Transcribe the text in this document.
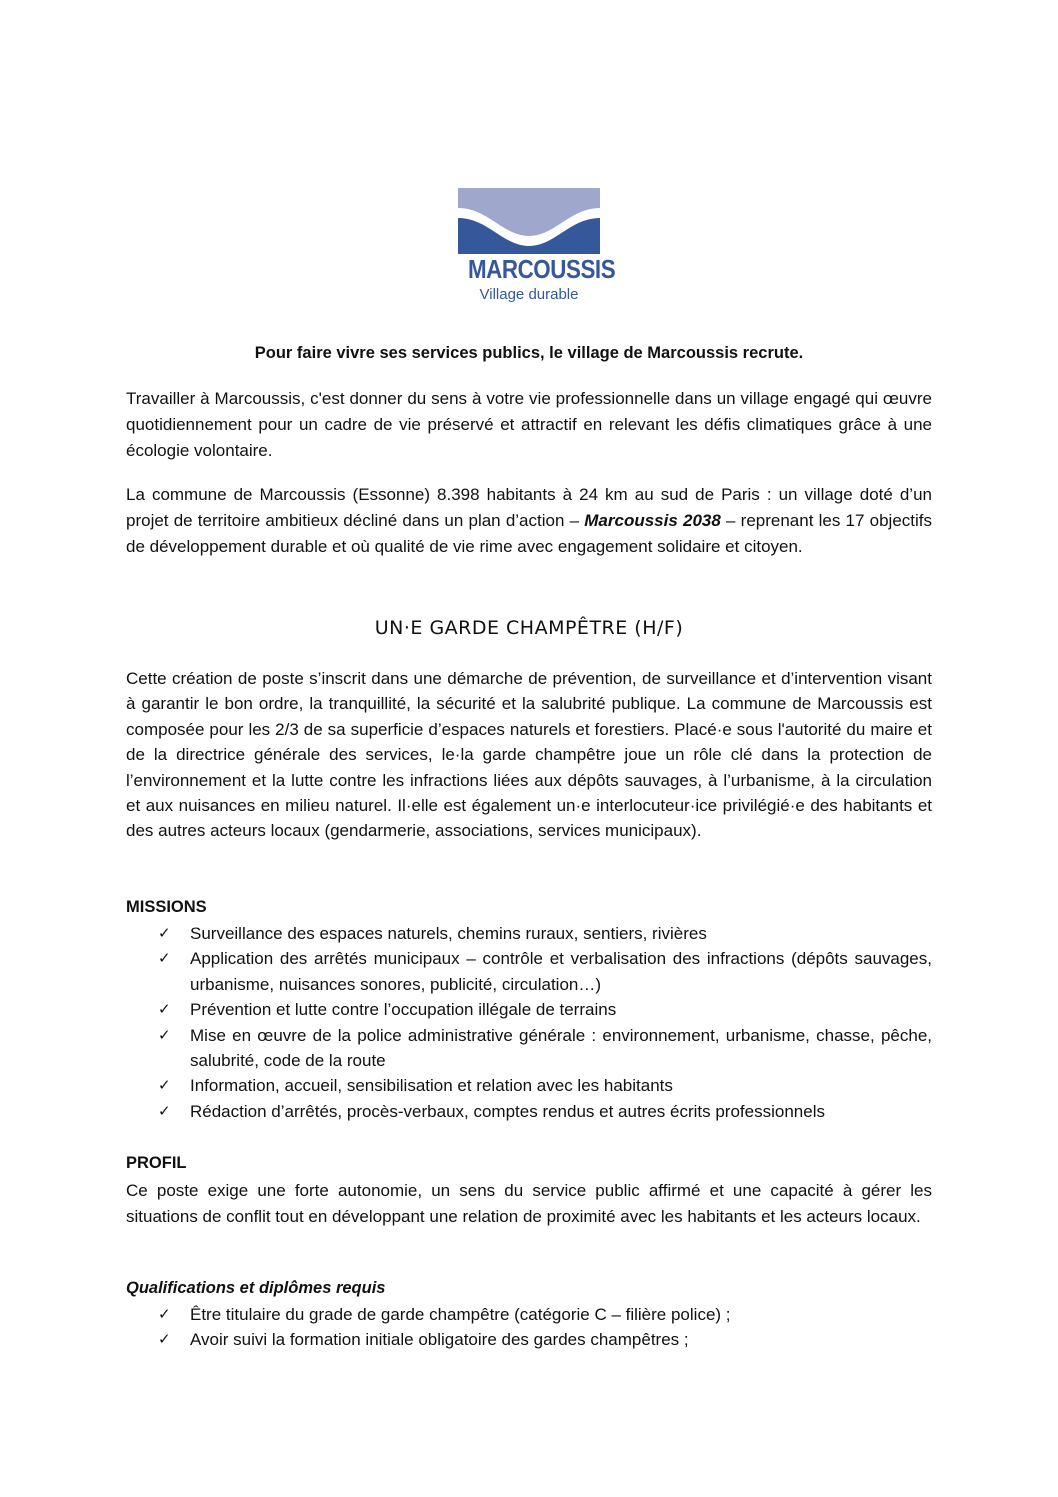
MARCOUSSIS
Village durable
Pour faire vivre ses services publics, le village de Marcoussis recrute.

Travailler à Marcoussis, c'est donner du sens à votre vie professionnelle dans un village engagé qui œuvre quotidiennement pour un cadre de vie préservé et attractif en relevant les défis climatiques grâce à une écologie volontaire.

La commune de Marcoussis (Essonne) 8.398 habitants à 24 km au sud de Paris : un village doté d’un projet de territoire ambitieux décliné dans un plan d’action – Marcoussis 2038 – reprenant les 17 objectifs de développement durable et où qualité de vie rime avec engagement solidaire et citoyen.

UN·E GARDE CHAMPÊTRE (H/F)

Cette création de poste s’inscrit dans une démarche de prévention, de surveillance et d’intervention visant à garantir le bon ordre, la tranquillité, la sécurité et la salubrité publique. La commune de Marcoussis est composée pour les 2/3 de sa superficie d’espaces naturels et forestiers. Placé·e sous l'autorité du maire et de la directrice générale des services, le·la garde champêtre joue un rôle clé dans la protection de l’environnement et la lutte contre les infractions liées aux dépôts sauvages, à l’urbanisme, à la circulation et aux nuisances en milieu naturel. Il·elle est également un·e interlocuteur·ice privilégié·e des habitants et des autres acteurs locaux (gendarmerie, associations, services municipaux).

MISSIONS
✓ Surveillance des espaces naturels, chemins ruraux, sentiers, rivières
✓ Application des arrêtés municipaux – contrôle et verbalisation des infractions (dépôts sauvages, urbanisme, nuisances sonores, publicité, circulation…)
✓ Prévention et lutte contre l’occupation illégale de terrains
✓ Mise en œuvre de la police administrative générale : environnement, urbanisme, chasse, pêche, salubrité, code de la route
✓ Information, accueil, sensibilisation et relation avec les habitants
✓ Rédaction d’arrêtés, procès-verbaux, comptes rendus et autres écrits professionnels
PROFIL

Ce poste exige une forte autonomie, un sens du service public affirmé et une capacité à gérer les situations de conflit tout en développant une relation de proximité avec les habitants et les acteurs locaux.

Qualifications et diplômes requis
✓ Être titulaire du grade de garde champêtre (catégorie C – filière police) ;
✓ Avoir suivi la formation initiale obligatoire des gardes champêtres ;
